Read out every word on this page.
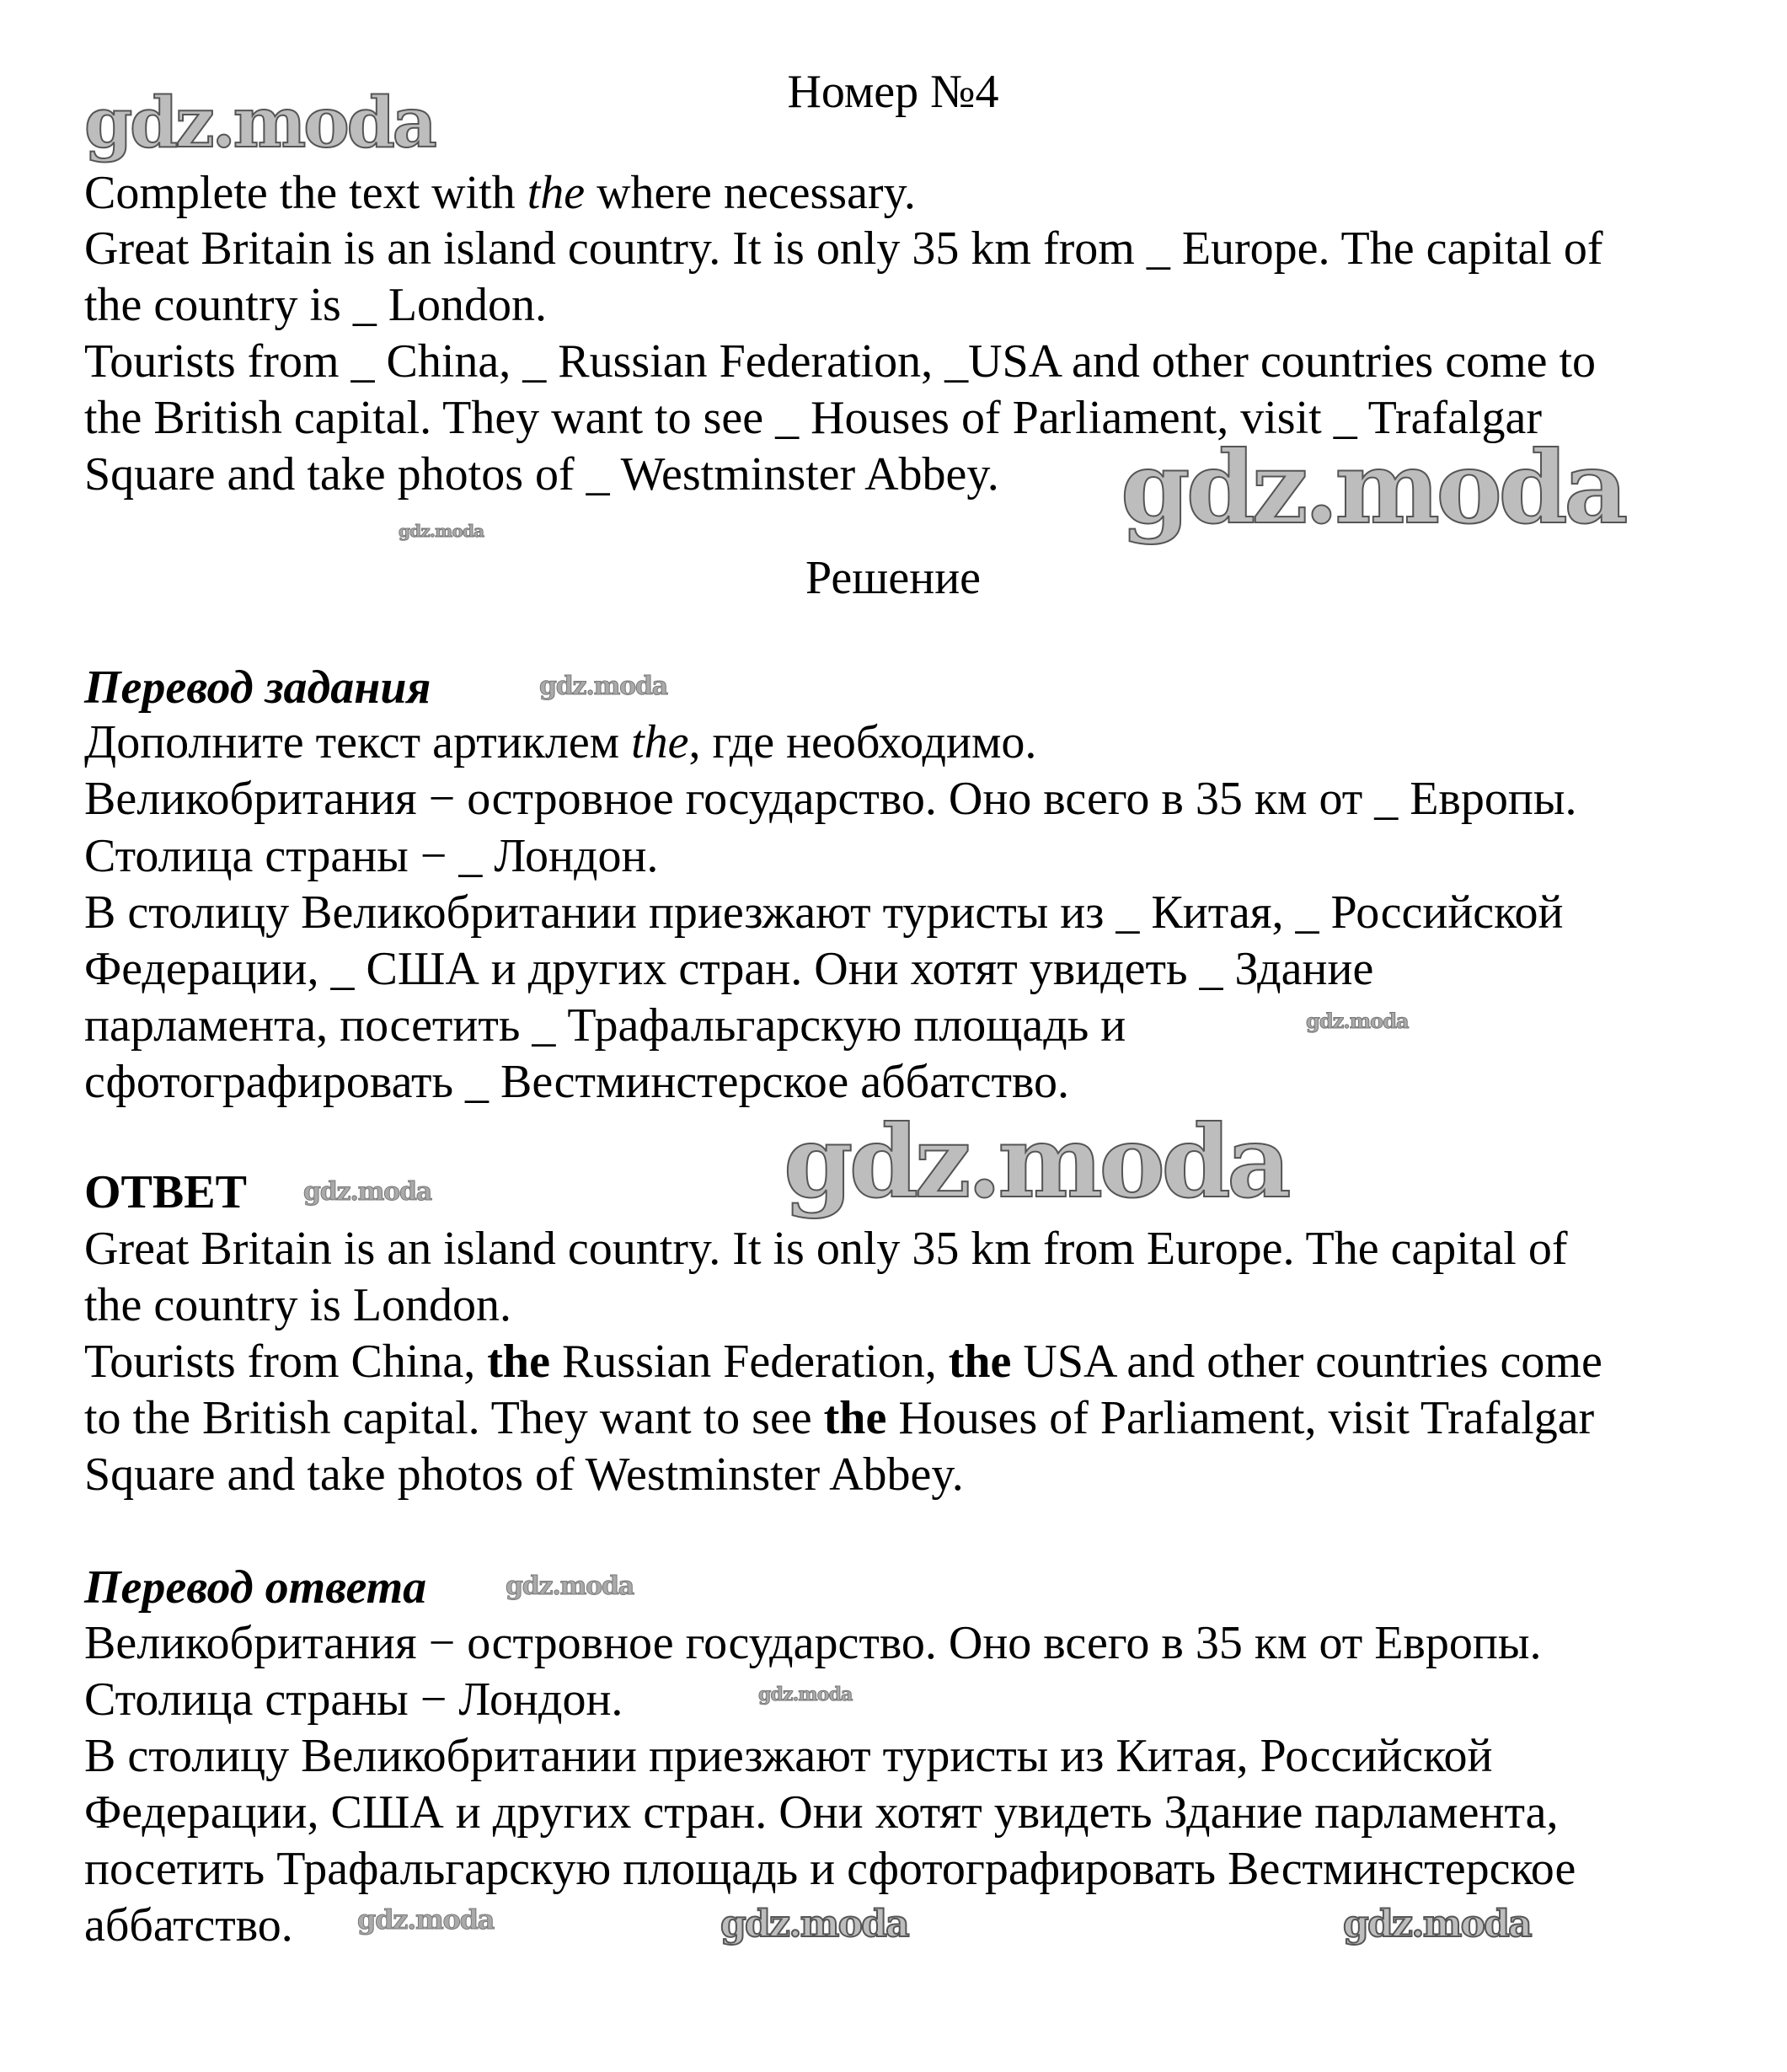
Номер №4
Complete the text with the where necessary.
Great Britain is an island country. It is only 35 km from _ Europe. The capital of
the country is _ London.
Tourists from _ China, _ Russian Federation, _USA and other countries come to
the British capital. They want to see _ Houses of Parliament, visit _ Trafalgar
Square and take photos of _ Westminster Abbey.
Решение
Перевод задания
Дополните текст артиклем the, где необходимо.
Великобритания − островное государство. Оно всего в 35 км от _ Европы.
Столица страны − _ Лондон.
В столицу Великобритании приезжают туристы из _ Китая, _ Российской
Федерации, _ США и других стран. Они хотят увидеть _ Здание
парламента, посетить _ Трафальгарскую площадь и
сфотографировать _ Вестминстерское аббатство.
ОТВЕТ
Great Britain is an island country. It is only 35 km from Europe. The capital of
the country is London.
Tourists from China, the Russian Federation, the USA and other countries come
to the British capital. They want to see the Houses of Parliament, visit Trafalgar
Square and take photos of Westminster Abbey.
Перевод ответа
Великобритания − островное государство. Оно всего в 35 км от Европы.
Столица страны − Лондон.
В столицу Великобритании приезжают туристы из Китая, Российской
Федерации, США и других стран. Они хотят увидеть Здание парламента,
посетить Трафальгарскую площадь и сфотографировать Вестминстерское
аббатство.
gdz.moda
gdz.moda
gdz.moda
gdz.moda
gdz.moda
gdz.moda
gdz.moda
gdz.moda
gdz.moda
gdz.moda	gdz.moda	gdz.moda
